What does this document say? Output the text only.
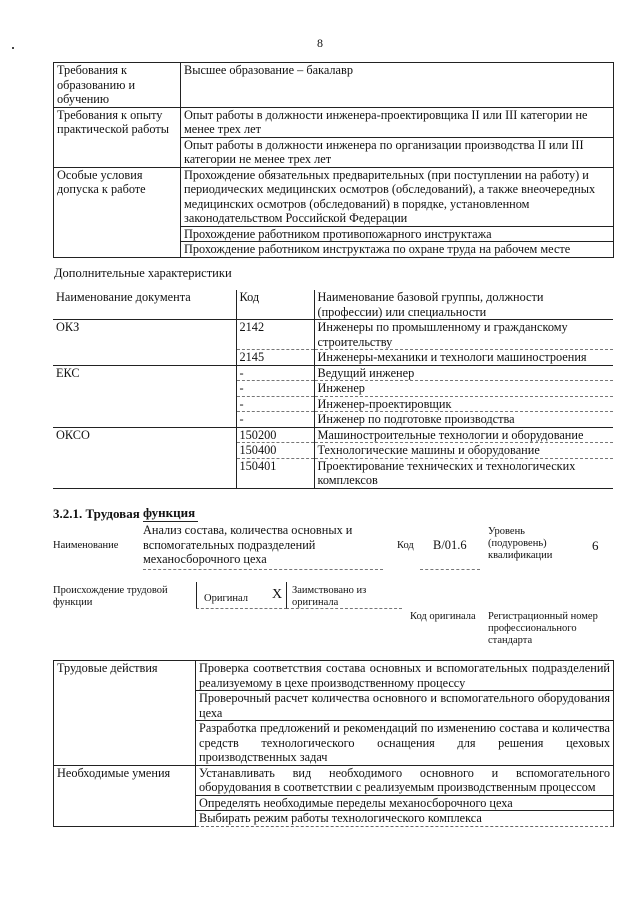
8
Требования к образованию и обучению	Высшее образование – бакалавр
Требования к опыту практической работы	Опыт работы в должности инженера-проектировщика II или III категории не менее трех лет
	Опыт работы в должности инженера по организации производства II или III категории не менее трех лет
Особые условия допуска к работе	Прохождение обязательных предварительных (при поступлении на работу) и периодических медицинских осмотров (обследований), а также внеочередных медицинских осмотров (обследований) в порядке, установленном законодательством Российской Федерации
	Прохождение работником противопожарного инструктажа
	Прохождение работником инструктажа по охране труда на рабочем месте
Дополнительные характеристики
Наименование документа	Код	Наименование базовой группы, должности (профессии) или специальности
ОКЗ	2142	Инженеры по промышленному и гражданскому строительству
	2145	Инженеры-механики и технологи машиностроения
ЕКС	-	Ведущий инженер
	-	Инженер
	-	Инженер-проектировщик
	-	Инженер по подготовке производства
ОКСО	150200	Машиностроительные технологии и оборудование
	150400	Технологические машины и оборудование
	150401	Проектирование технических и технологических комплексов
3.2.1. Трудовая функция
Наименование
Анализ состава, количества основных и вспомогательных подразделений механосборочного цеха
Код В/01.6
Уровень (подуровень) квалификации
6
Происхождение трудовой функции	Оригинал Х Заимствовано из оригинала
Код оригинала Регистрационный номер профессионального стандарта
Трудовые действия	Проверка соответствия состава основных и вспомогательных подразделений реализуемому в цехе производственному процессу
	Проверочный расчет количества основного и вспомогательного оборудования цеха
	Разработка предложений и рекомендаций по изменению состава и количества средств технологического оснащения для решения цеховых производственных задач
Необходимые умения	Устанавливать вид необходимого основного и вспомогательного оборудования в соответствии с реализуемым производственным процессом
	Определять необходимые переделы механосборочного цеха
	Выбирать режим работы технологического комплекса
